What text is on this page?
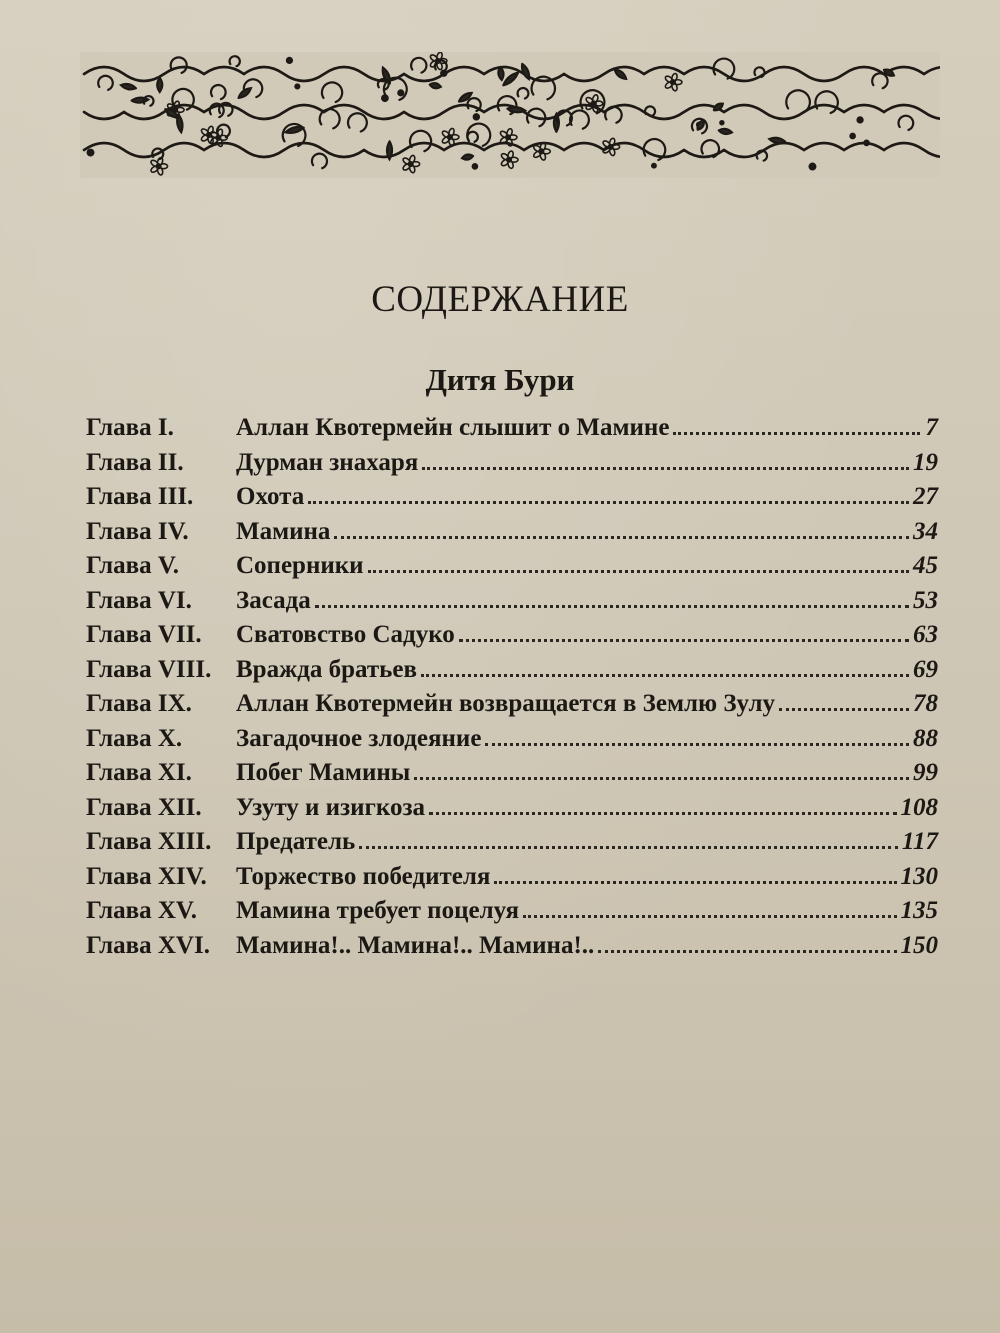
СОДЕРЖАНИЕ
Дитя Бури
Глава I.	Аллан Квотермейн слышит о Мамине	7
Глава II.	Дурман знахаря	19
Глава III.	Охота	27
Глава IV.	Мамина	34
Глава V.	Соперники	45
Глава VI.	Засада	53
Глава VII.	Сватовство Садуко	63
Глава VIII. Вражда братьев	69
Глава IX.	Аллан Квотермейн возвращается в Землю Зулу	78
Глава X.	Загадочное злодеяние	88
Глава XI.	Побег Мамины	99
Глава XII.	Узуту и изигкоза	108
Глава XIII. Предатель	117
Глава XIV.	Торжество победителя	130
Глава XV.	Мамина требует поцелуя	135
Глава XVI.	Мамина!.. Мамина!.. Мамина!..	150
